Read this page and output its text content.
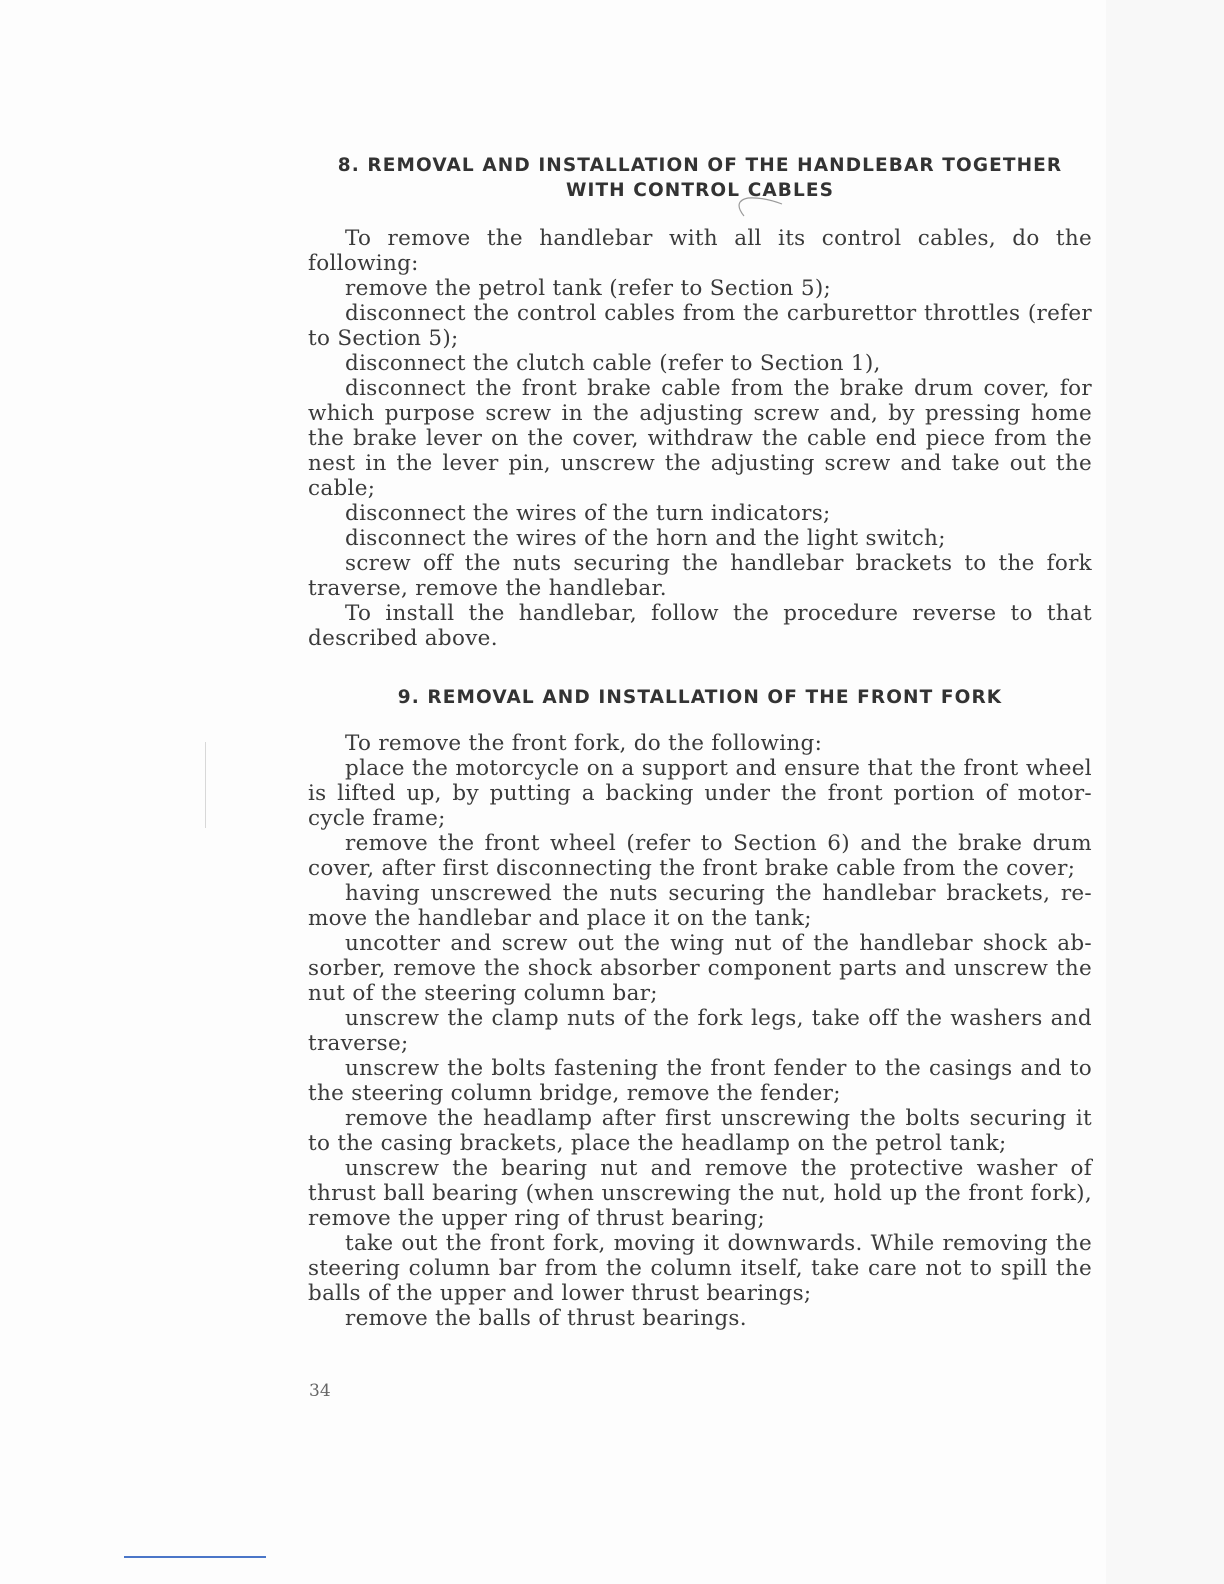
8. REMOVAL AND INSTALLATION OF THE HANDLEBAR TOGETHER
WITH CONTROL CABLES

To remove the handlebar with all its control cables, do the following:

remove the petrol tank (refer to Section 5);

disconnect the control cables from the carburettor throttles (refer to Section 5);

disconnect the clutch cable (refer to Section 1),

disconnect the front brake cable from the brake drum cover, for which purpose screw in the adjusting screw and, by pressing home the brake lever on the cover, withdraw the cable end piece from the nest in the lever pin, unscrew the adjusting screw and take out the cable;

disconnect the wires of the turn indicators;

disconnect the wires of the horn and the light switch;

screw off the nuts securing the handlebar brackets to the fork traverse, remove the handlebar.

To install the handlebar, follow the procedure reverse to that described above.

9. REMOVAL AND INSTALLATION OF THE FRONT FORK

To remove the front fork, do the following:

place the motorcycle on a support and ensure that the front wheel is lifted up, by putting a backing under the front portion of motor-cycle frame;

remove the front wheel (refer to Section 6) and the brake drum cover, after first disconnecting the front brake cable from the cover;

having unscrewed the nuts securing the handlebar brackets, re-move the handlebar and place it on the tank;

uncotter and screw out the wing nut of the handlebar shock ab-sorber, remove the shock absorber component parts and unscrew the nut of the steering column bar;

unscrew the clamp nuts of the fork legs, take off the washers and traverse;

unscrew the bolts fastening the front fender to the casings and to the steering column bridge, remove the fender;

remove the headlamp after first unscrewing the bolts securing it to the casing brackets, place the headlamp on the petrol tank;

unscrew the bearing nut and remove the protective washer of thrust ball bearing (when unscrewing the nut, hold up the front fork), remove the upper ring of thrust bearing;

take out the front fork, moving it downwards. While removing the steering column bar from the column itself, take care not to spill the balls of the upper and lower thrust bearings;

remove the balls of thrust bearings.

34
